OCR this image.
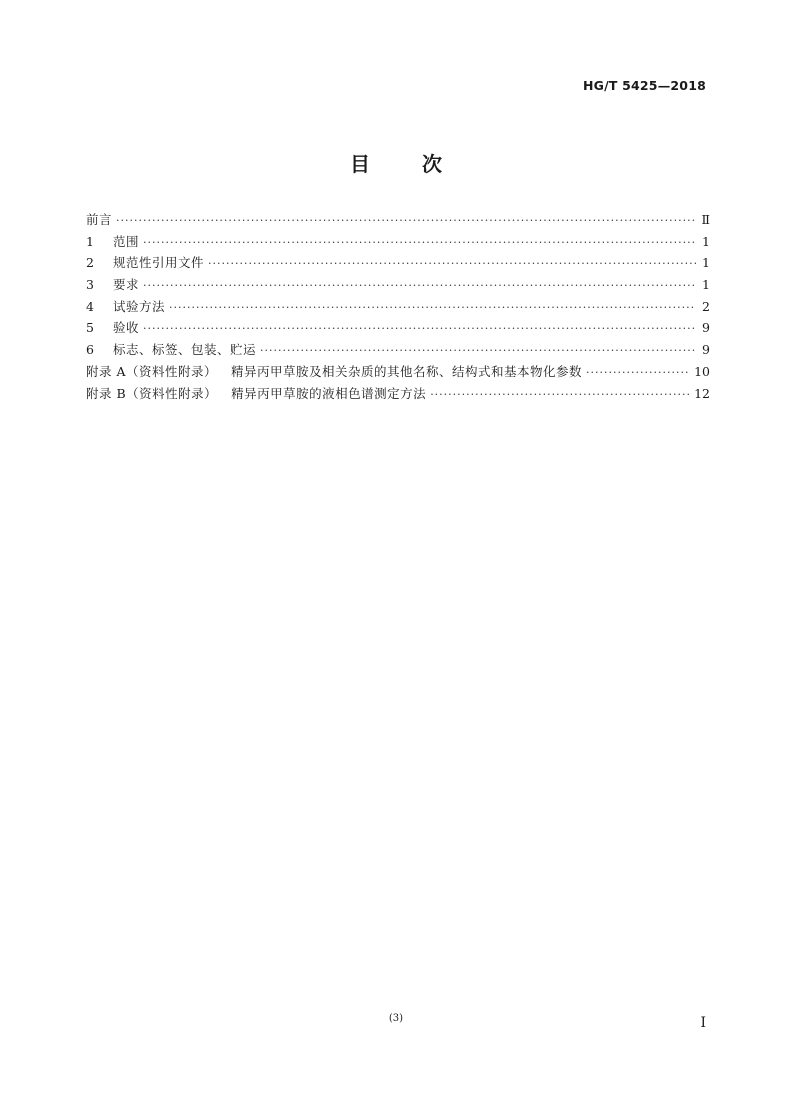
HG/T 5425—2018
目	次
前言 ·····	Ⅱ
1	范围 ·····	1
2	规范性引用文件 ·····	1
3	要求 ·····	1
4	试验方法 ·····	2
5	验收 ·····	9
6	标志、标签、包装、贮运 ·····	9
附录 A（资料性附录） 精异丙甲草胺及相关杂质的其他名称、结构式和基本物化参数 ·····	10
附录 B（资料性附录） 精异丙甲草胺的液相色谱测定方法 ·····	12
(3)	I
